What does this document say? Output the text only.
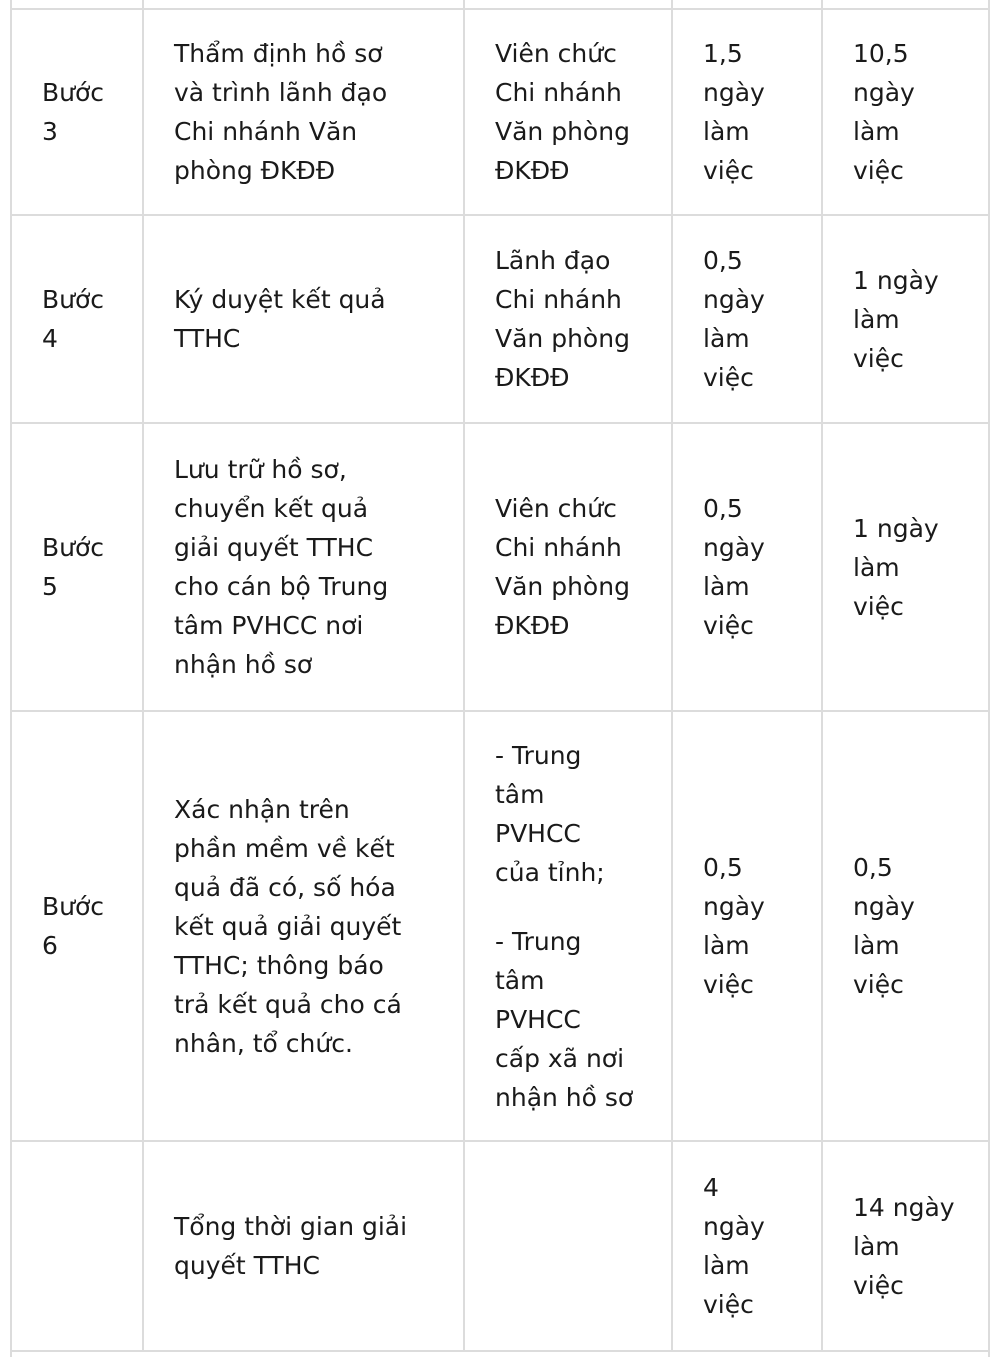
Bước
3
Thẩm định hồ sơ
và trình lãnh đạo
Chi nhánh Văn
phòng ĐKĐĐ
Viên chức
Chi nhánh
Văn phòng
ĐKĐĐ
1,5
ngày
làm
việc
10,5
ngày
làm
việc
Bước
4
Ký duyệt kết quả
TTHC
Lãnh đạo
Chi nhánh
Văn phòng
ĐKĐĐ
0,5
ngày
làm
việc
1 ngày
làm
việc
Bước
5
Lưu trữ hồ sơ,
chuyển kết quả
giải quyết TTHC
cho cán bộ Trung
tâm PVHCC nơi
nhận hồ sơ
Viên chức
Chi nhánh
Văn phòng
ĐKĐĐ
0,5
ngày
làm
việc
1 ngày
làm
việc
Bước
6
Xác nhận trên
phần mềm về kết
quả đã có, số hóa
kết quả giải quyết
TTHC; thông báo
trả kết quả cho cá
nhân, tổ chức.
- Trung
tâm
PVHCC
của tỉnh;
- Trung
tâm
PVHCC
cấp xã nơi
nhận hồ sơ
0,5
ngày
làm
việc
0,5
ngày
làm
việc
Tổng thời gian giải
quyết TTHC
4
ngày
làm
việc
14 ngày
làm
việc
